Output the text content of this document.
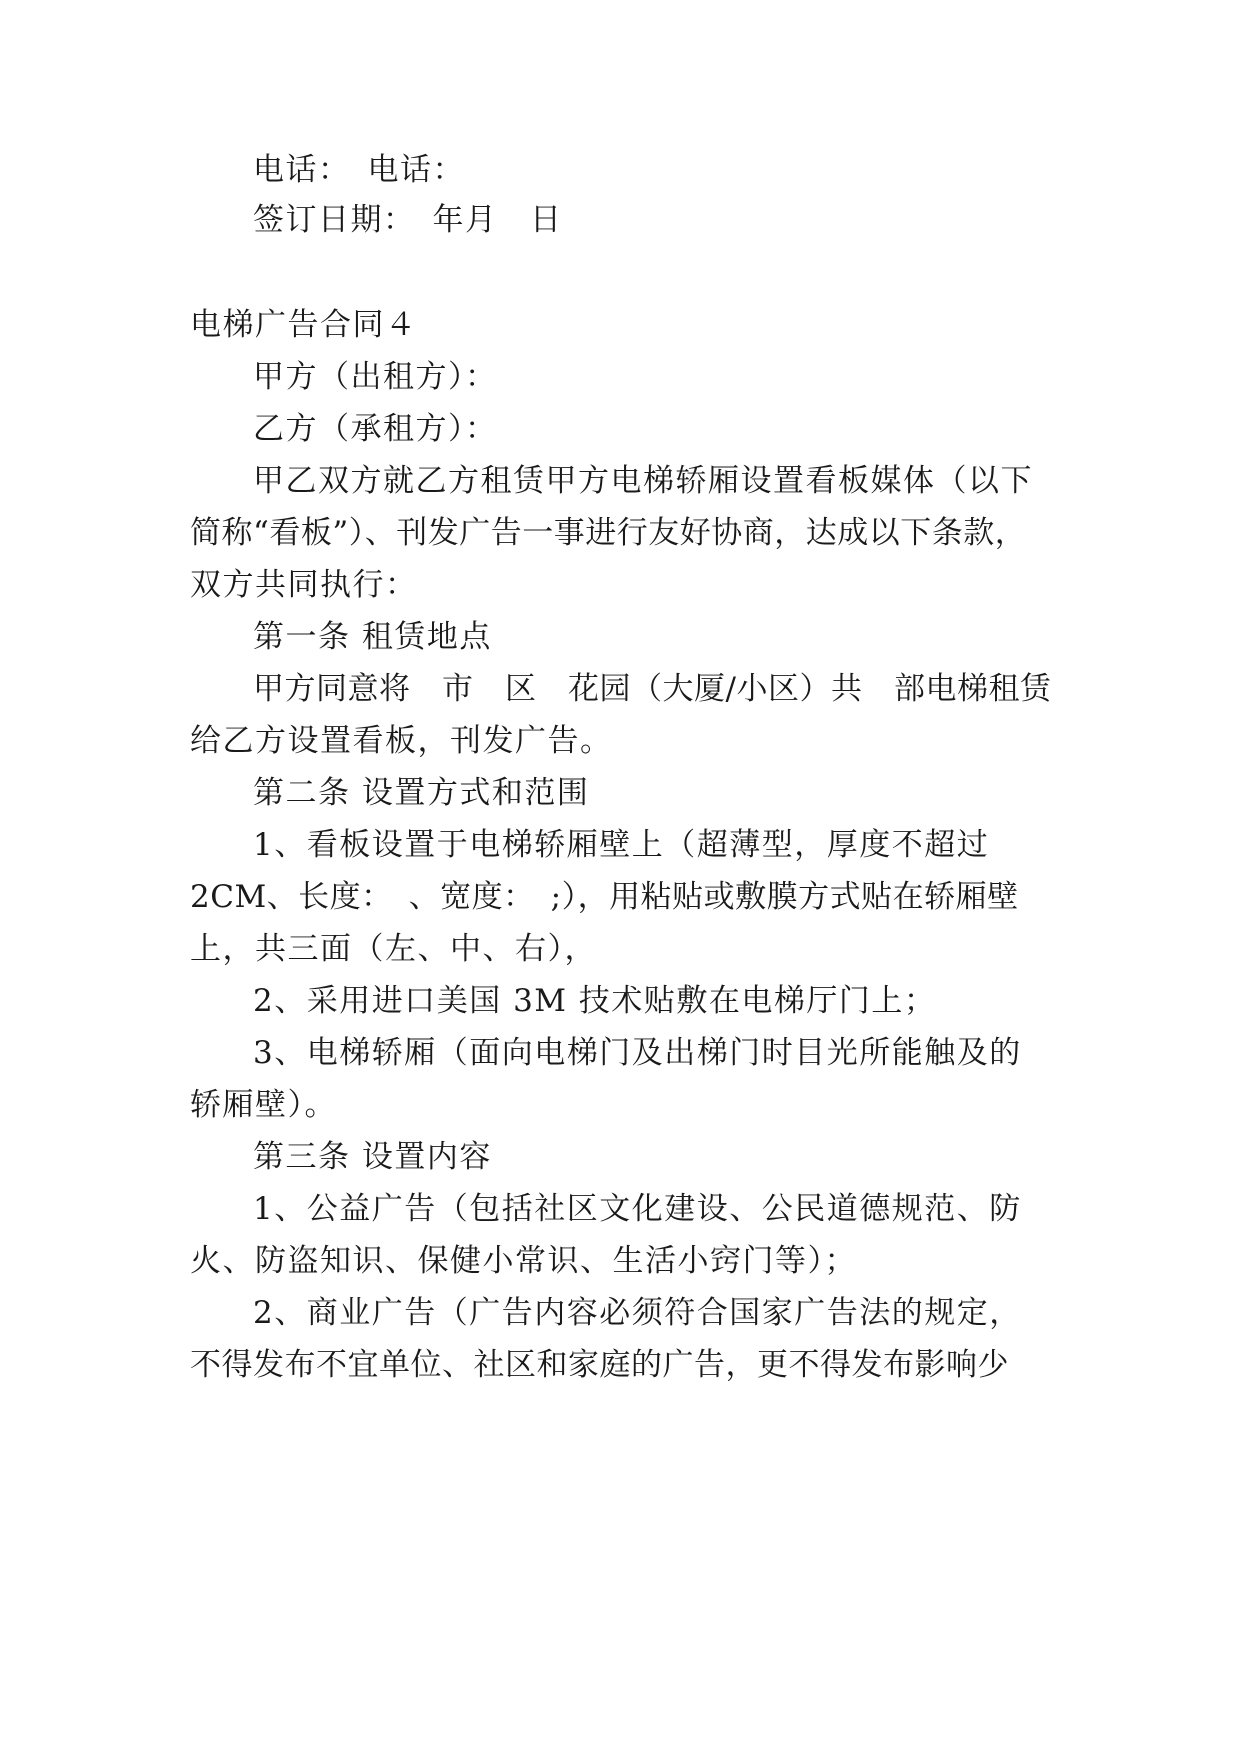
电话：　电话：
签订日期：　年月　日
电梯广告合同４
甲方（出租方）：
乙方（承租方）：
甲乙双方就乙方租赁甲方电梯轿厢设置看板媒体（以下
简称“看板”）、刊发广告一事进行友好协商，达成以下条款，
双方共同执行：
第一条 租赁地点
甲方同意将　市　区　花园（大厦/小区）共　部电梯租赁
给乙方设置看板，刊发广告。
第二条 设置方式和范围
1、看板设置于电梯轿厢壁上（超薄型，厚度不超过
2CM、长度：　、宽度：　;），用粘贴或敷膜方式贴在轿厢壁
上，共三面（左、中、右），
2、采用进口美国 3M 技术贴敷在电梯厅门上；
3、电梯轿厢（面向电梯门及出梯门时目光所能触及的
轿厢壁）。
第三条 设置内容
1、公益广告（包括社区文化建设、公民道德规范、防
火、防盗知识、保健小常识、生活小窍门等）；
2、商业广告（广告内容必须符合国家广告法的规定，
不得发布不宜单位、社区和家庭的广告，更不得发布影响少
